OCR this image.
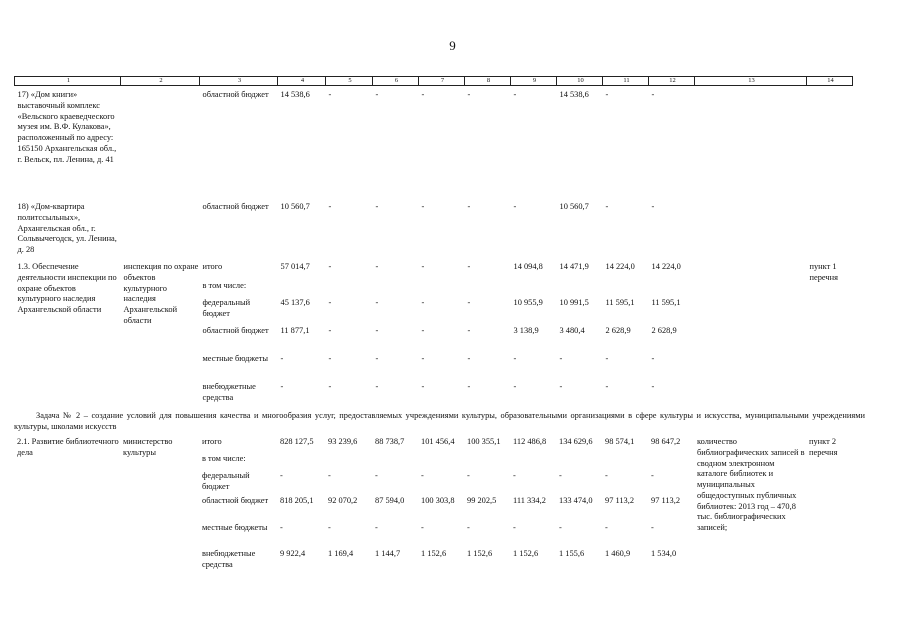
9
1	2	3	4	5	6	7	8	9	10	11	12	13	14

17) «Дом книги» выставочный комплекс «Вельского краеведческого музея им. В.Ф. Кулакова», расположенный по адресу: 165150 Архангельская обл., г. Вельск, пл. Ленина, д. 41		областной бюджет	14 538,6	-	-	-	-	-	14 538,6	-	-		
18) «Дом-квартира политссыльных», Архангельская обл., г. Сольвычегодск, ул. Ленина, д. 28		областной бюджет	10 560,7	-	-	-	-	-	10 560,7	-	-		
1.3. Обеспечение деятельности инспекции по охране объектов культурного наследия Архангельской области	инспекция по охране объектов культурного наследия Архангельской области	итого	57 014,7	-	-	-	-	14 094,8	14 471,9	14 224,0	14 224,0		пункт 1 перечня
		в том числе:											
		федеральный бюджет	45 137,6	-	-	-	-	10 955,9	10 991,5	11 595,1	11 595,1		
		областной бюджет	11 877,1	-	-	-	-	3 138,9	3 480,4	2 628,9	2 628,9		
		местные бюджеты	-	-	-	-	-	-	-	-	-		
		внебюджетные средства	-	-	-	-	-	-	-	-	-		
Задача № 2 – создание условий для повышения качества и многообразия услуг, предоставляемых учреждениями культуры, образовательными организациями в сфере культуры и искусства, муниципальными учреждениями культуры, школами искусств
2.1. Развитие библиотечного дела	министерство культуры	итого	828 127,5	93 239,6	88 738,7	101 456,4	100 355,1	112 486,8	134 629,6	98 574,1	98 647,2	количество библиографических записей в сводном электронном каталоге библиотек и муниципальных общедоступных публичных библиотек: 2013 год – 470,8 тыс. библиографических записей;	пункт 2 перечня
		в том числе:											
		федеральный бюджет	-	-	-	-	-	-	-	-	-		
		областной бюджет	818 205,1	92 070,2	87 594,0	100 303,8	99 202,5	111 334,2	133 474,0	97 113,2	97 113,2		
		местные бюджеты	-	-	-	-	-	-	-	-	-		
		внебюджетные средства	9 922,4	1 169,4	1 144,7	1 152,6	1 152,6	1 152,6	1 155,6	1 460,9	1 534,0		
